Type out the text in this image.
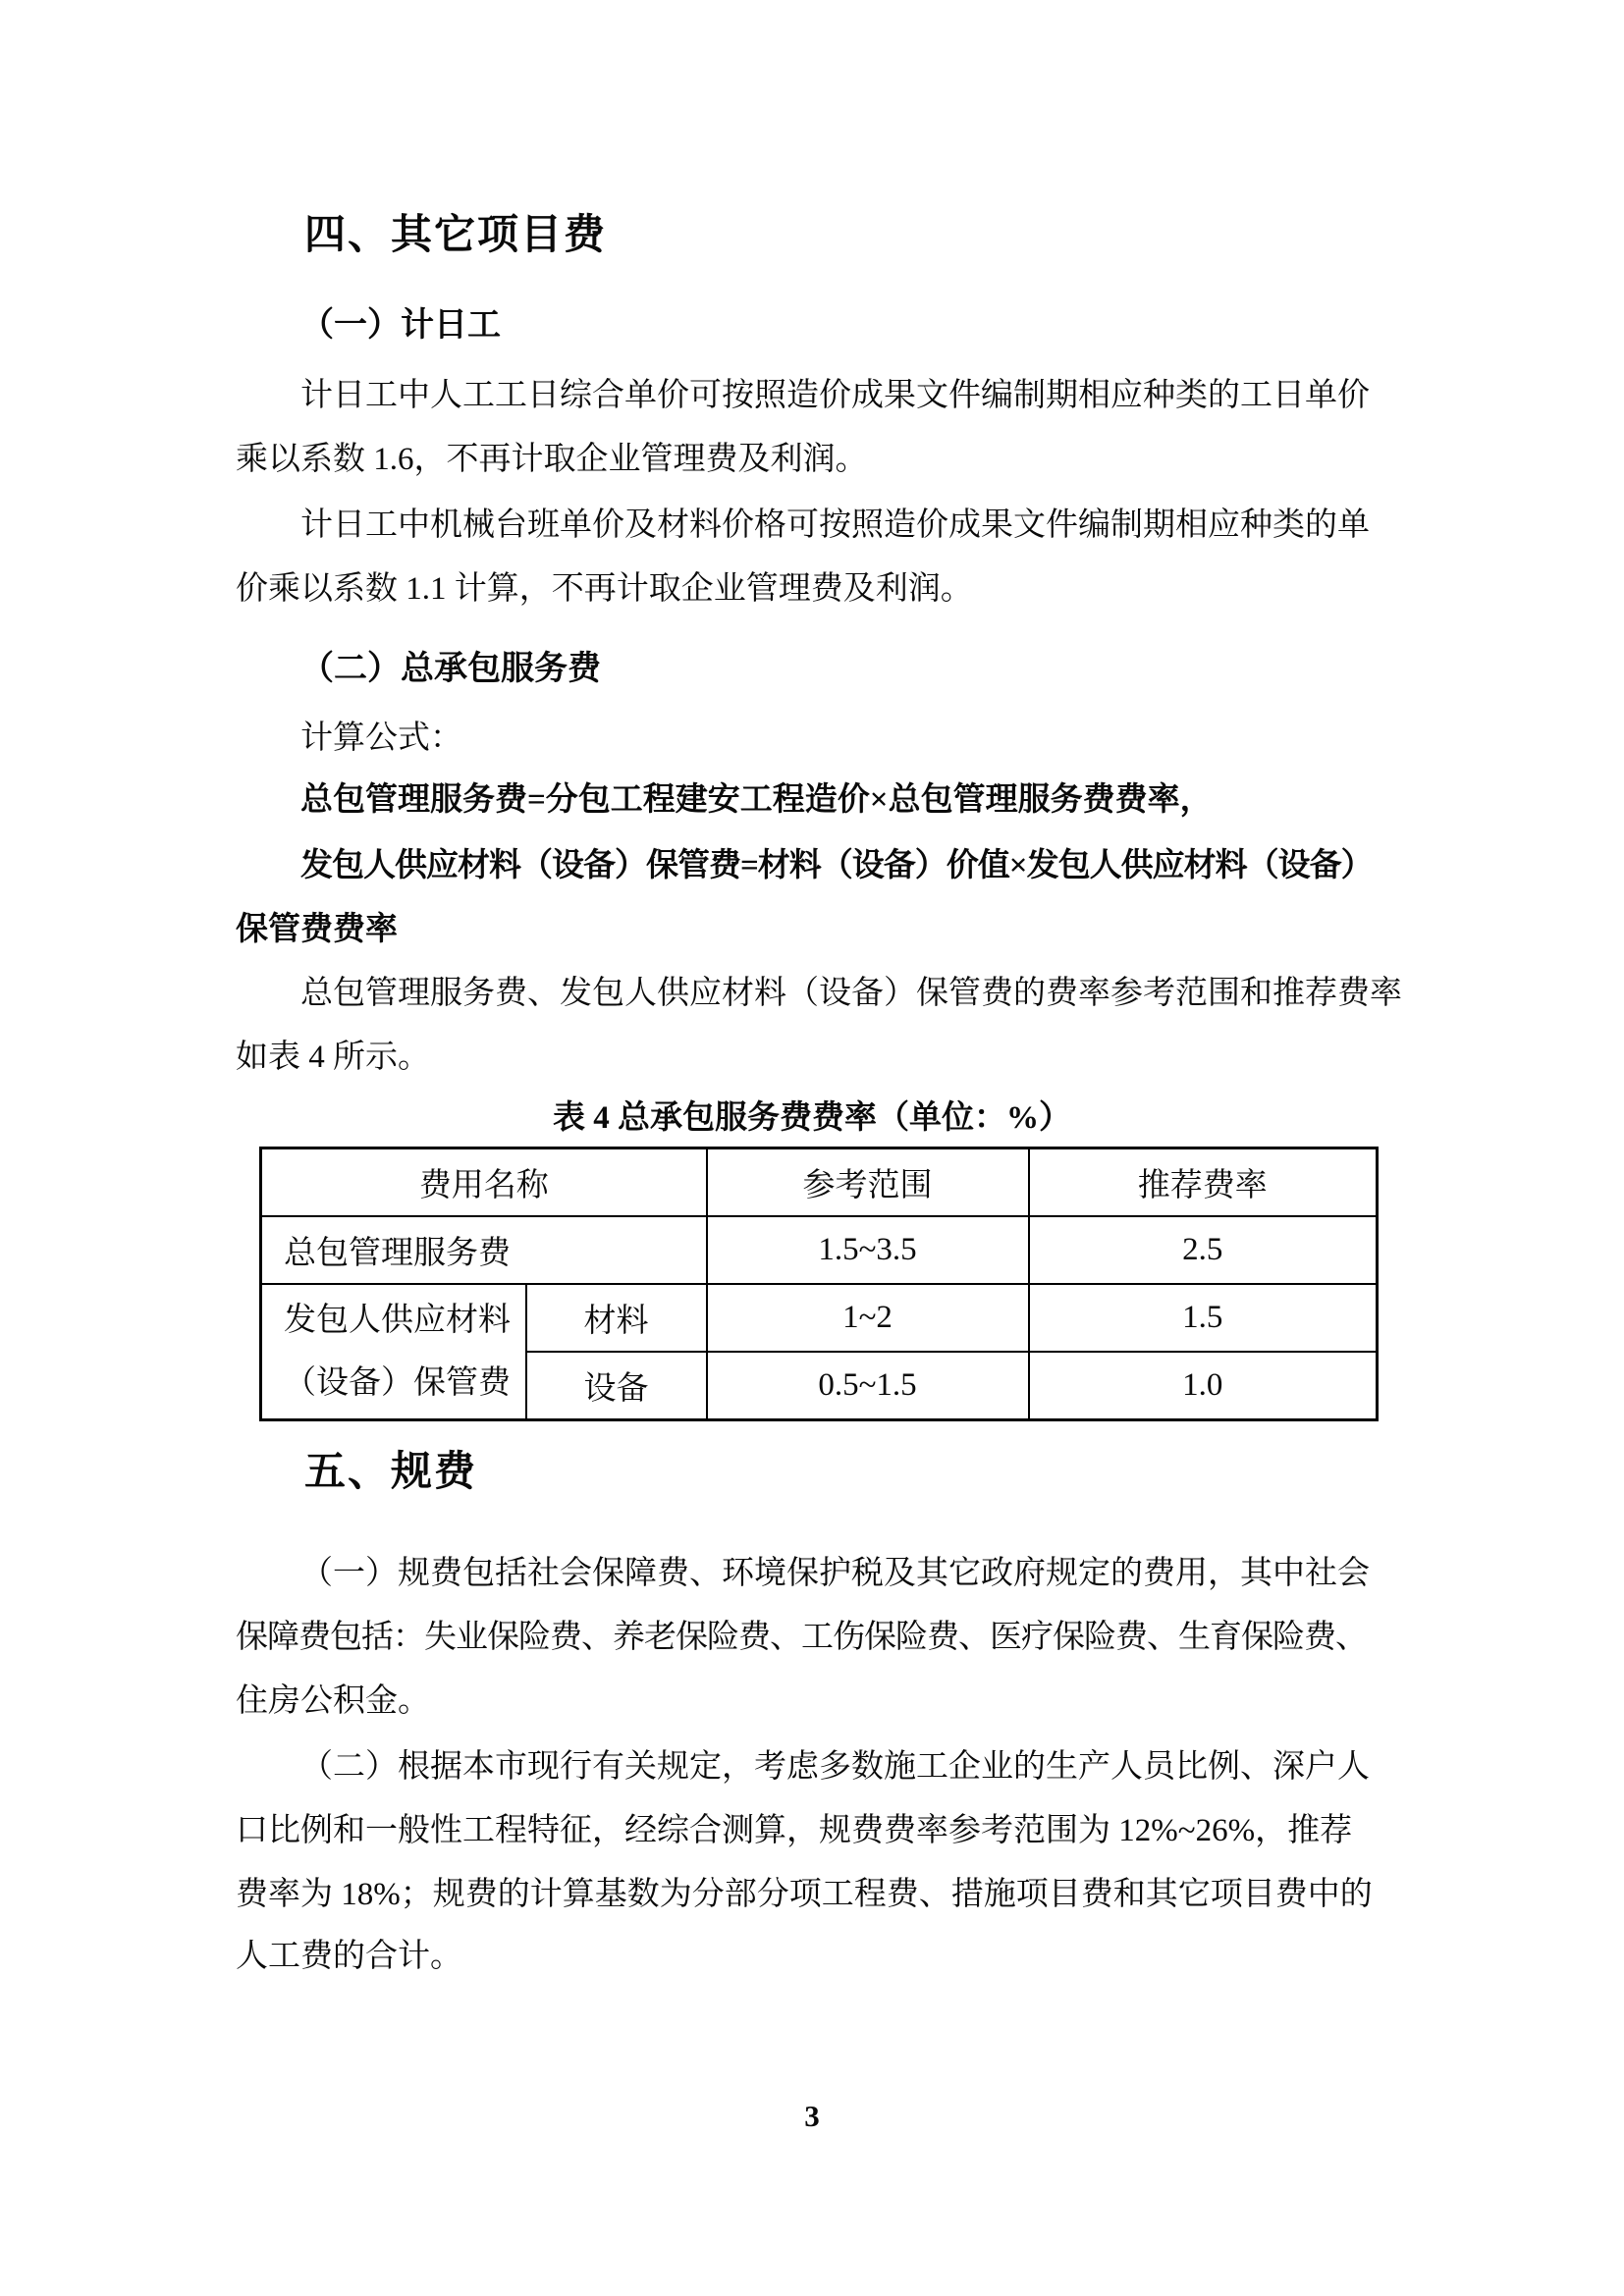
四、其它项目费
（一）计日工
计日工中人工工日综合单价可按照造价成果文件编制期相应种类的工日单价
乘以系数 1.6，不再计取企业管理费及利润。
计日工中机械台班单价及材料价格可按照造价成果文件编制期相应种类的单
价乘以系数 1.1 计算，不再计取企业管理费及利润。
（二）总承包服务费
计算公式：
总包管理服务费=分包工程建安工程造价×总包管理服务费费率，
发包人供应材料（设备）保管费=材料（设备）价值×发包人供应材料（设备）
保管费费率
总包管理服务费、发包人供应材料（设备）保管费的费率参考范围和推荐费率
如表 4 所示。
表 4 总承包服务费费率（单位：%）
费用名称		参考范围	推荐费率
总包管理服务费		1.5~3.5	2.5

发包人供应材料
（设备）保管费	材料	1~2	1.5
	设备	0.5~1.5	1.0
五、规费
（一）规费包括社会保障费、环境保护税及其它政府规定的费用，其中社会
保障费包括：失业保险费、养老保险费、工伤保险费、医疗保险费、生育保险费、
住房公积金。
（二）根据本市现行有关规定，考虑多数施工企业的生产人员比例、深户人
口比例和一般性工程特征，经综合测算，规费费率参考范围为 12%~26%，推荐
费率为 18%；规费的计算基数为分部分项工程费、措施项目费和其它项目费中的
人工费的合计。
3
